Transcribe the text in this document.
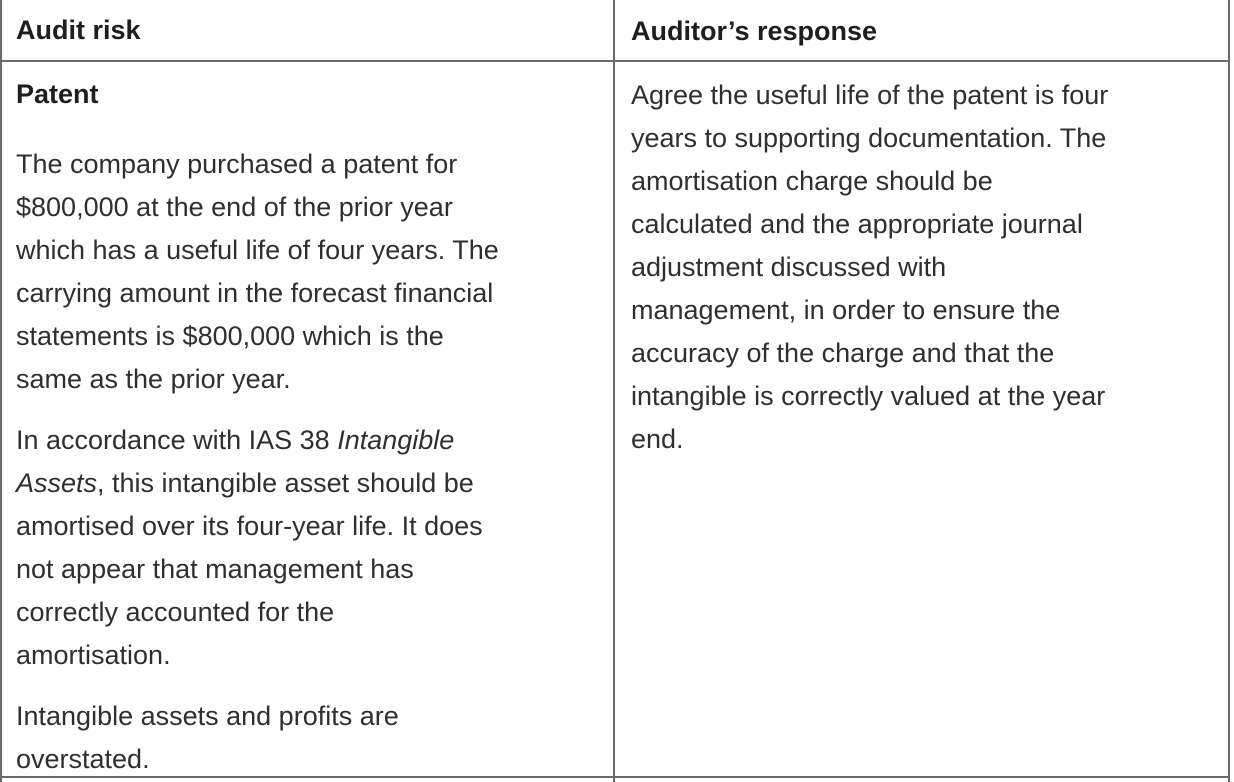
Audit risk	Auditor’s response

Patent

The company purchased a patent for
$800,000 at the end of the prior year
which has a useful life of four years. The
carrying amount in the forecast financial
statements is $800,000 which is the
same as the prior year.

In accordance with IAS 38 Intangible
Assets, this intangible asset should be
amortised over its four-year life. It does
not appear that management has
correctly accounted for the
amortisation.

Intangible assets and profits are
overstated.

Agree the useful life of the patent is four
years to supporting documentation. The
amortisation charge should be
calculated and the appropriate journal
adjustment discussed with
management, in order to ensure the
accuracy of the charge and that the
intangible is correctly valued at the year
end.
